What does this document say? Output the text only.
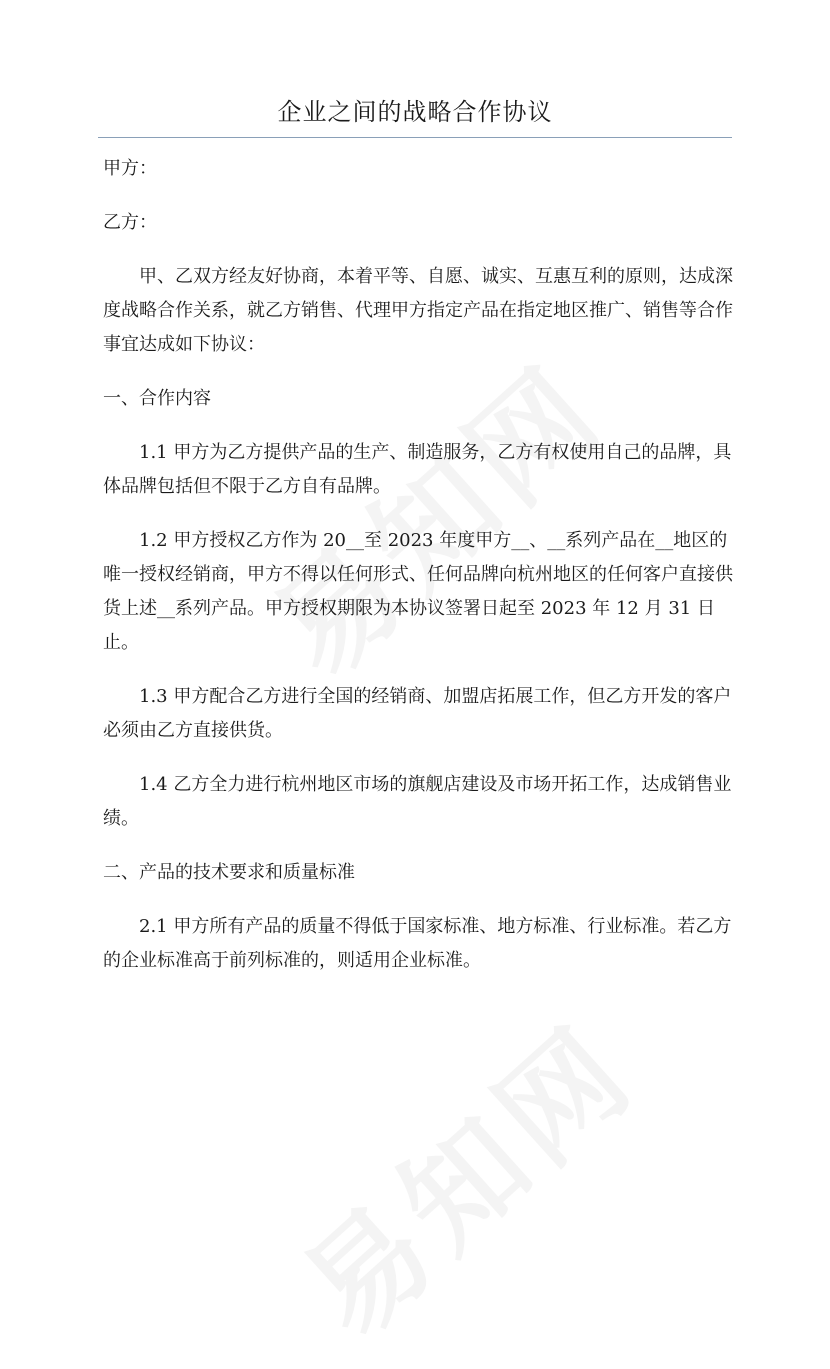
企业之间的战略合作协议

甲方：

乙方：

甲、乙双方经友好协商，本着平等、自愿、诚实、互惠互利的原则，达成深度战略合作关系，就乙方销售、代理甲方指定产品在指定地区推广、销售等合作事宜达成如下协议：

一、合作内容

1.1 甲方为乙方提供产品的生产、制造服务，乙方有权使用自己的品牌，具体品牌包括但不限于乙方自有品牌。

1.2 甲方授权乙方作为 20__至 2023 年度甲方__、__系列产品在__地区的唯一授权经销商，甲方不得以任何形式、任何品牌向杭州地区的任何客户直接供货上述__系列产品。甲方授权期限为本协议签署日起至 2023 年 12 月 31 日止。

1.3 甲方配合乙方进行全国的经销商、加盟店拓展工作，但乙方开发的客户必须由乙方直接供货。

1.4 乙方全力进行杭州地区市场的旗舰店建设及市场开拓工作，达成销售业绩。

二、产品的技术要求和质量标准

2.1 甲方所有产品的质量不得低于国家标准、地方标准、行业标准。若乙方的企业标准高于前列标准的，则适用企业标准。
